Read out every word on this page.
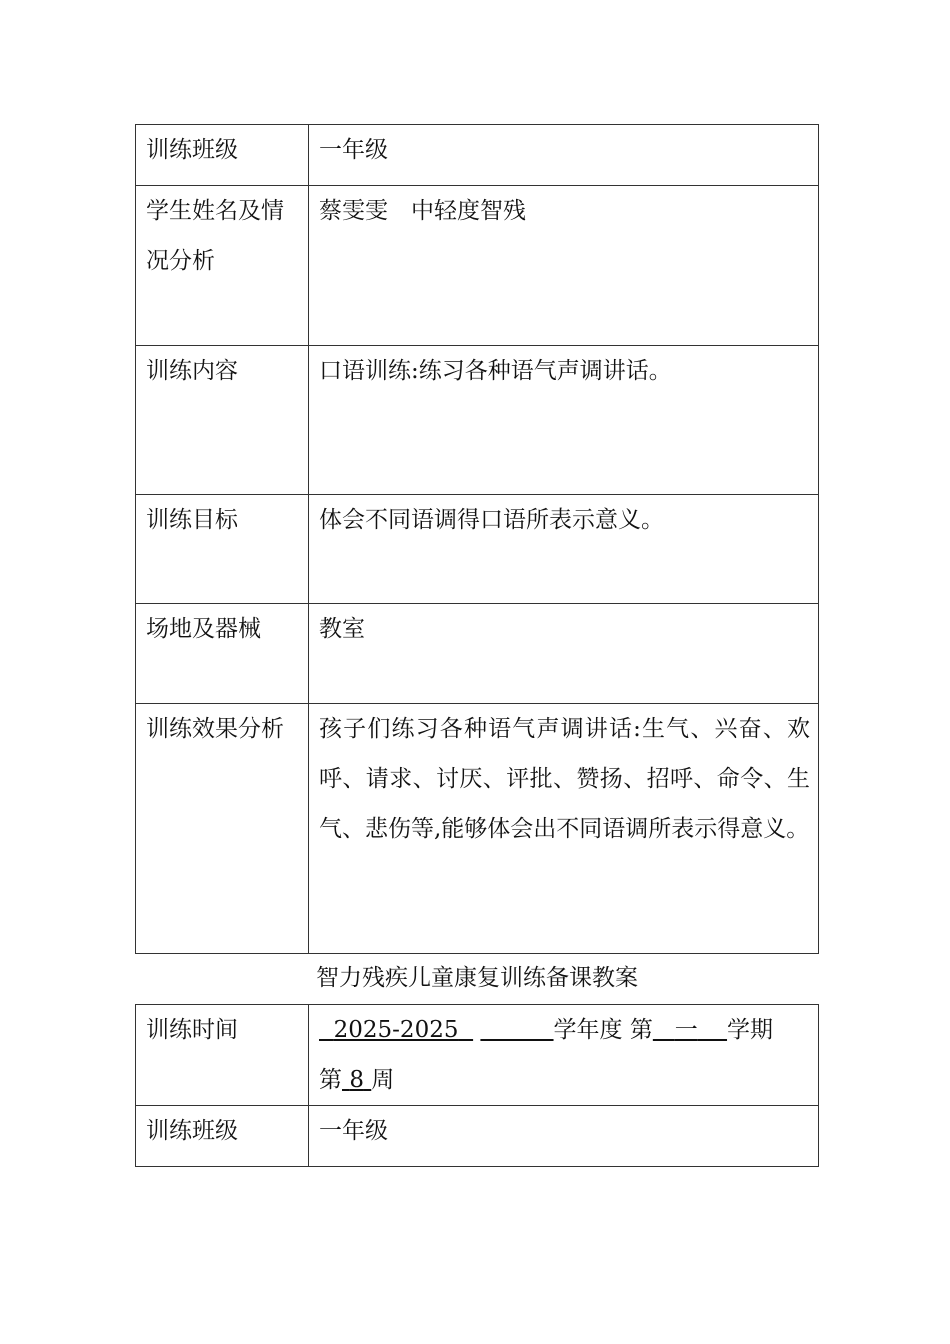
训练班级	一年级
学生姓名及情况分析	蔡雯雯　中轻度智残
训练内容	口语训练:练习各种语气声调讲话。
训练目标	体会不同语调得口语所表示意义。
场地及器械	教室
训练效果分析	孩子们练习各种语气声调讲话:生气、兴奋、欢呼、请求、讨厌、评批、赞扬、招呼、命令、生气、悲伤等,能够体会出不同语调所表示得意义。
智力残疾儿童康复训练备课教案
训练时间	2025-2025 学年度 第 一 学期
第 8 周
训练班级	一年级
